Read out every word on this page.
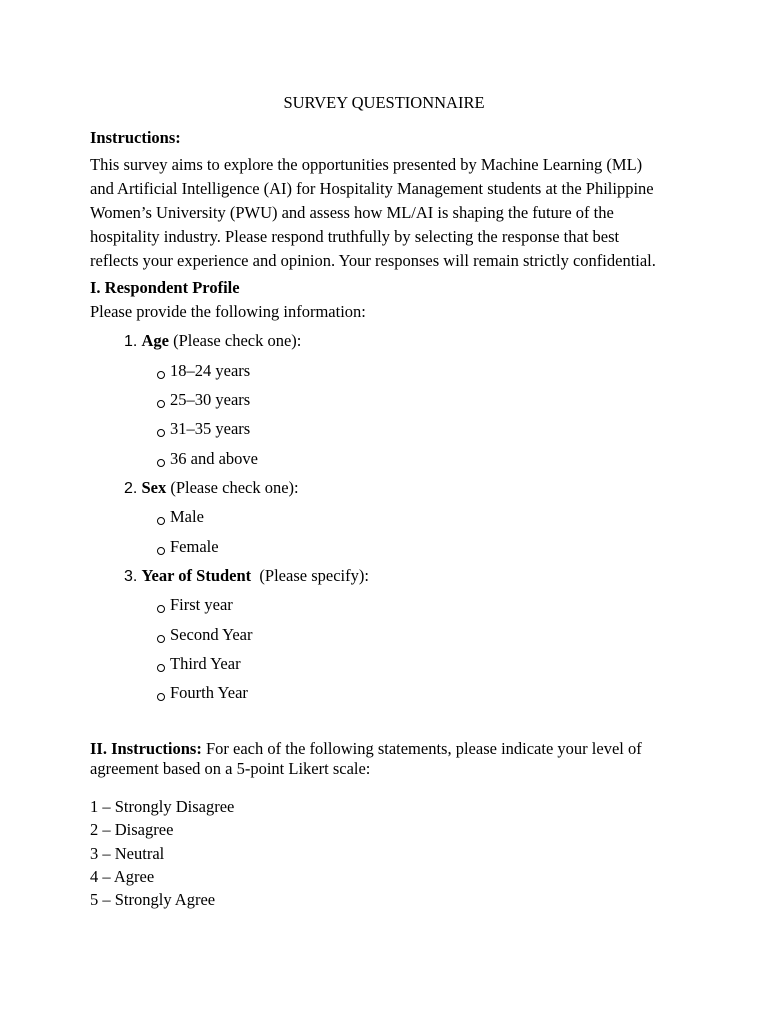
SURVEY QUESTIONNAIRE
Instructions:
This survey aims to explore the opportunities presented by Machine Learning (ML)
and Artificial Intelligence (AI) for Hospitality Management students at the Philippine
Women’s University (PWU) and assess how ML/AI is shaping the future of the
hospitality industry. Please respond truthfully by selecting the response that best
reflects your experience and opinion. Your responses will remain strictly confidential.
I. Respondent Profile
Please provide the following information:
1. Age (Please check one):
18–24 years
25–30 years
31–35 years
36 and above
2. Sex (Please check one):
Male
Female
3. Year of Student  (Please specify):
First year
Second Year
Third Year
Fourth Year
II. Instructions: For each of the following statements, please indicate your level of
agreement based on a 5-point Likert scale:
1 – Strongly Disagree
2 – Disagree
3 – Neutral
4 – Agree
5 – Strongly Agree
